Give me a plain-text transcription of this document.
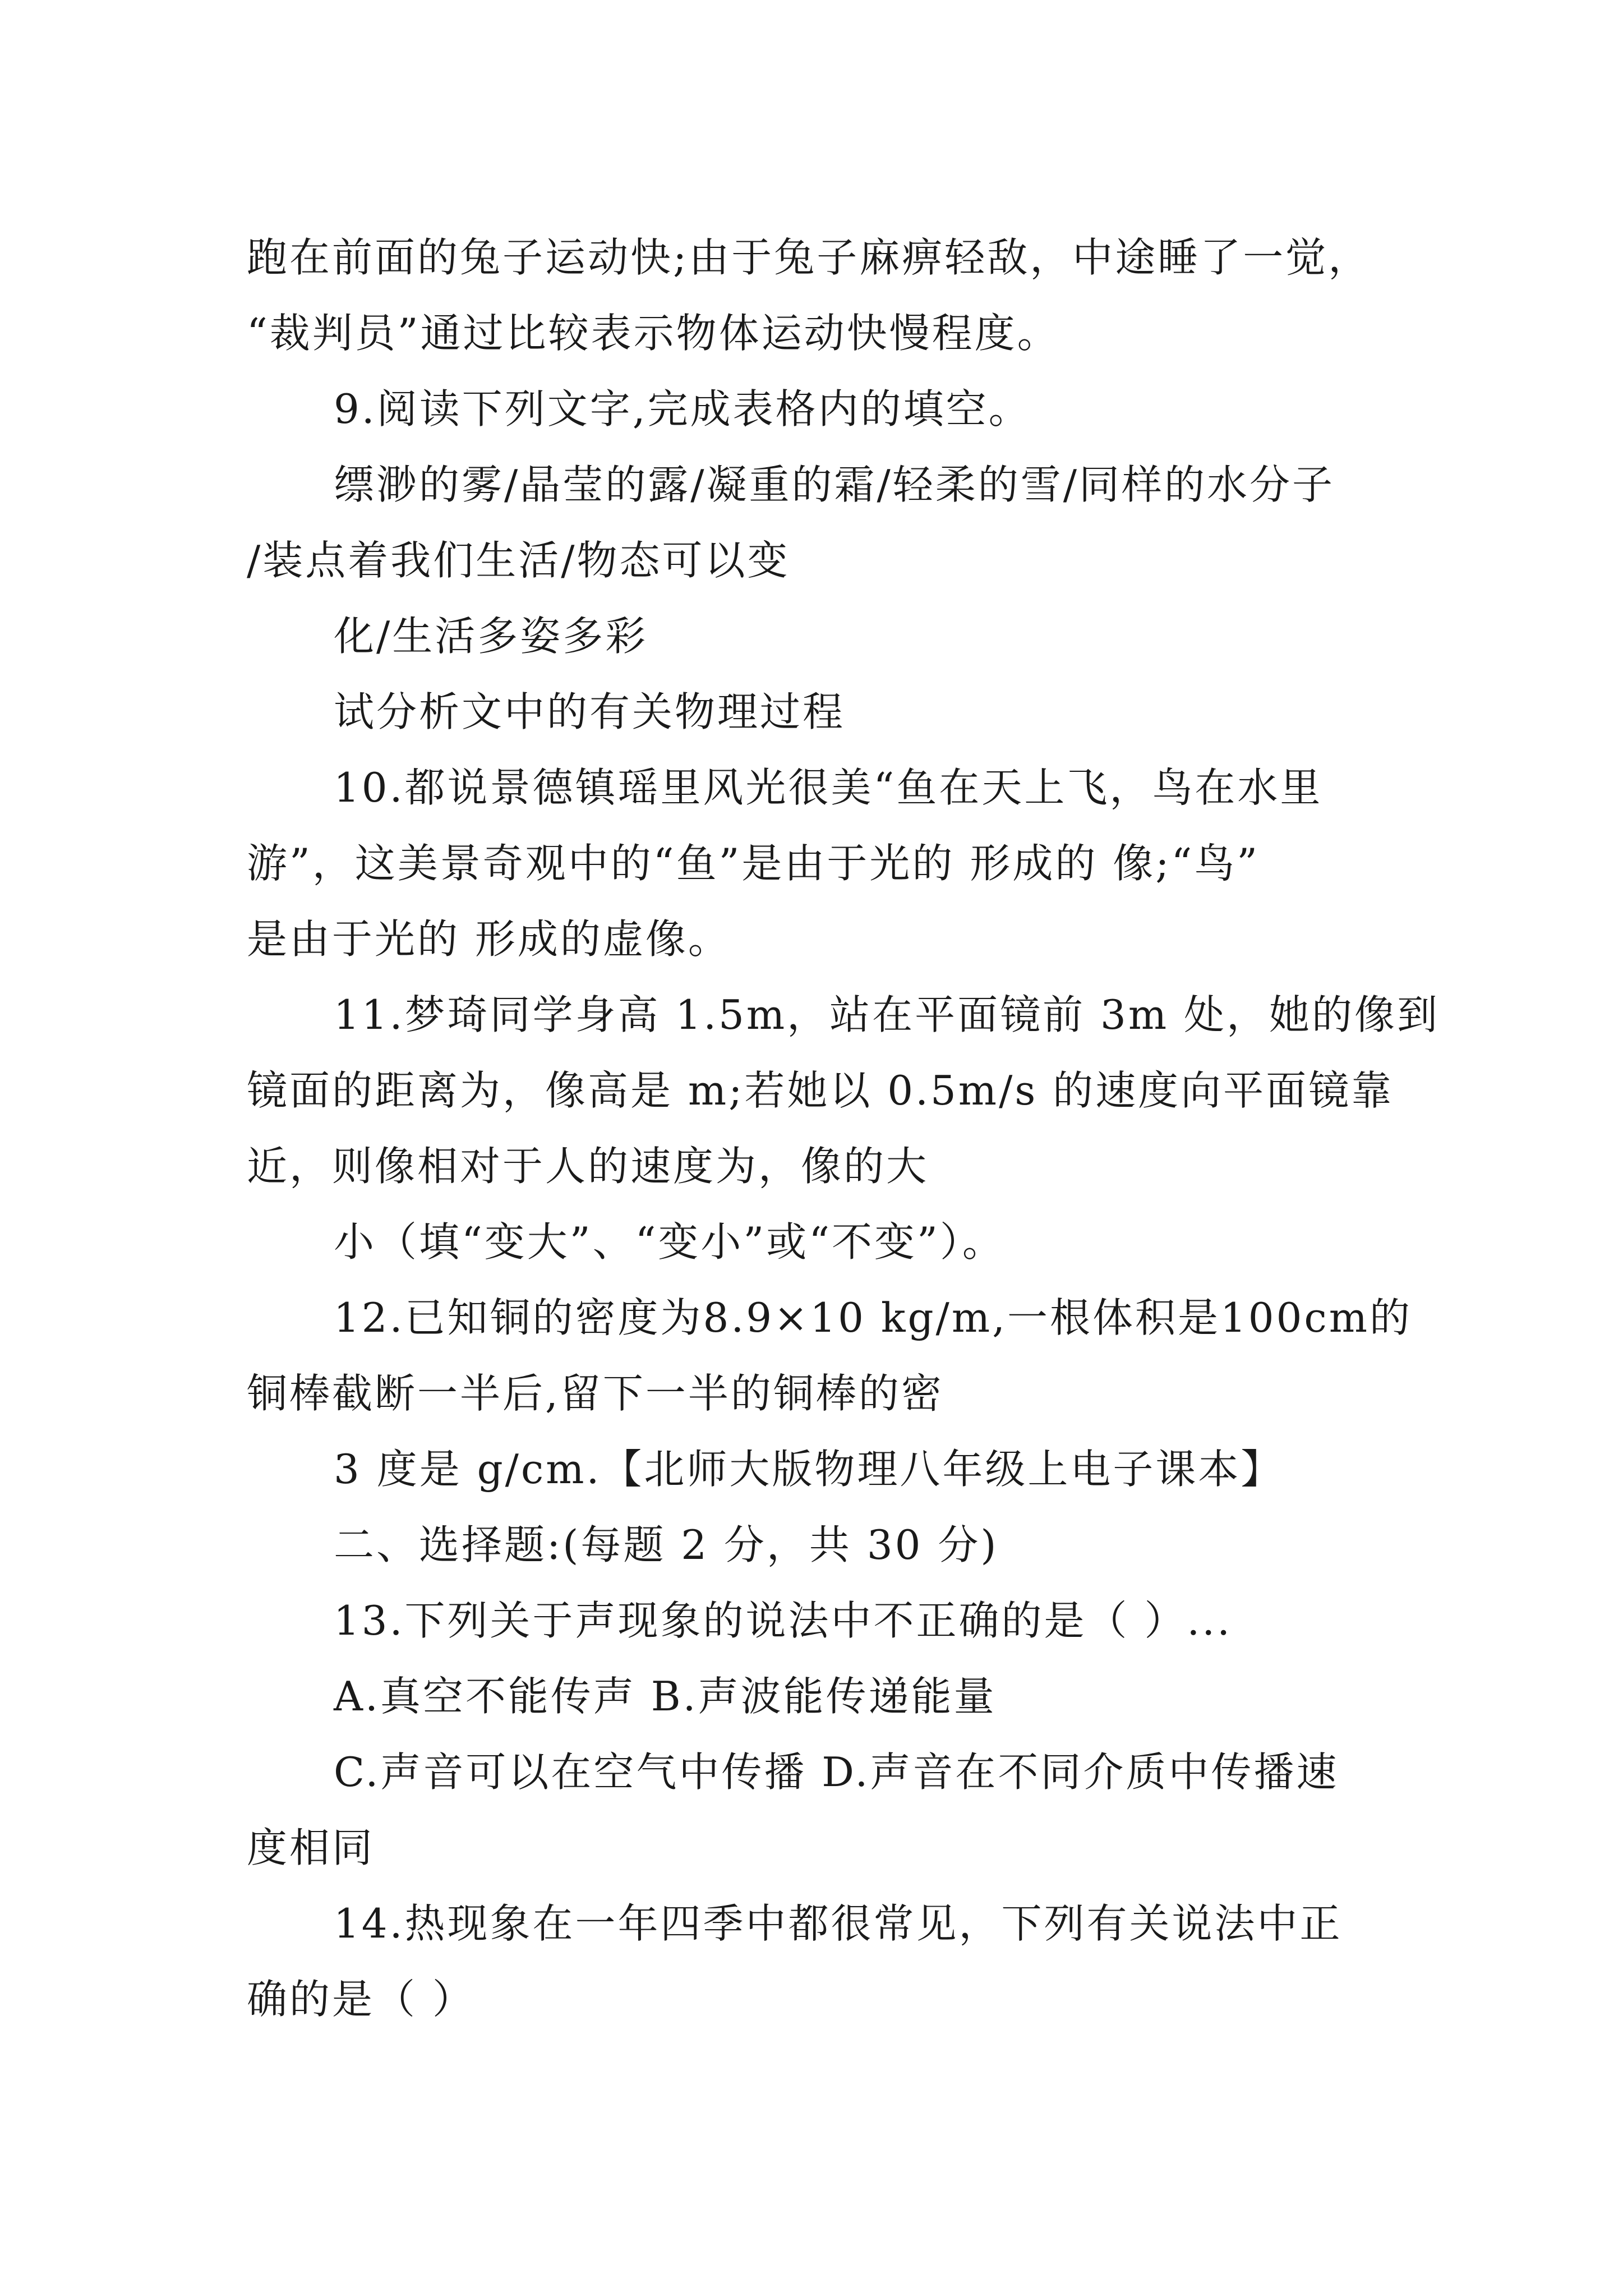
跑在前面的兔子运动快;由于兔子麻痹轻敌，中途睡了一觉，
“裁判员”通过比较表示物体运动快慢程度。
9.阅读下列文字,完成表格内的填空。
缥渺的雾/晶莹的露/凝重的霜/轻柔的雪/同样的水分子
/装点着我们生活/物态可以变
化/生活多姿多彩
试分析文中的有关物理过程
10.都说景德镇瑶里风光很美“鱼在天上飞，鸟在水里
游”，这美景奇观中的“鱼”是由于光的 形成的 像;“鸟”
是由于光的 形成的虚像。
11.梦琦同学身高 1.5m，站在平面镜前 3m 处，她的像到
镜面的距离为，像高是 m;若她以 0.5m/s 的速度向平面镜靠
近，则像相对于人的速度为，像的大
小（填“变大”、“变小”或“不变”）。
12.已知铜的密度为8.9×10 kg/m,一根体积是100cm的
铜棒截断一半后,留下一半的铜棒的密
3 度是 g/cm.【北师大版物理八年级上电子课本】
二、选择题:(每题 2 分，共 30 分)
13.下列关于声现象的说法中不正确的是（ ）...
A.真空不能传声 B.声波能传递能量
C.声音可以在空气中传播 D.声音在不同介质中传播速
度相同
14.热现象在一年四季中都很常见，下列有关说法中正
确的是（ ）
